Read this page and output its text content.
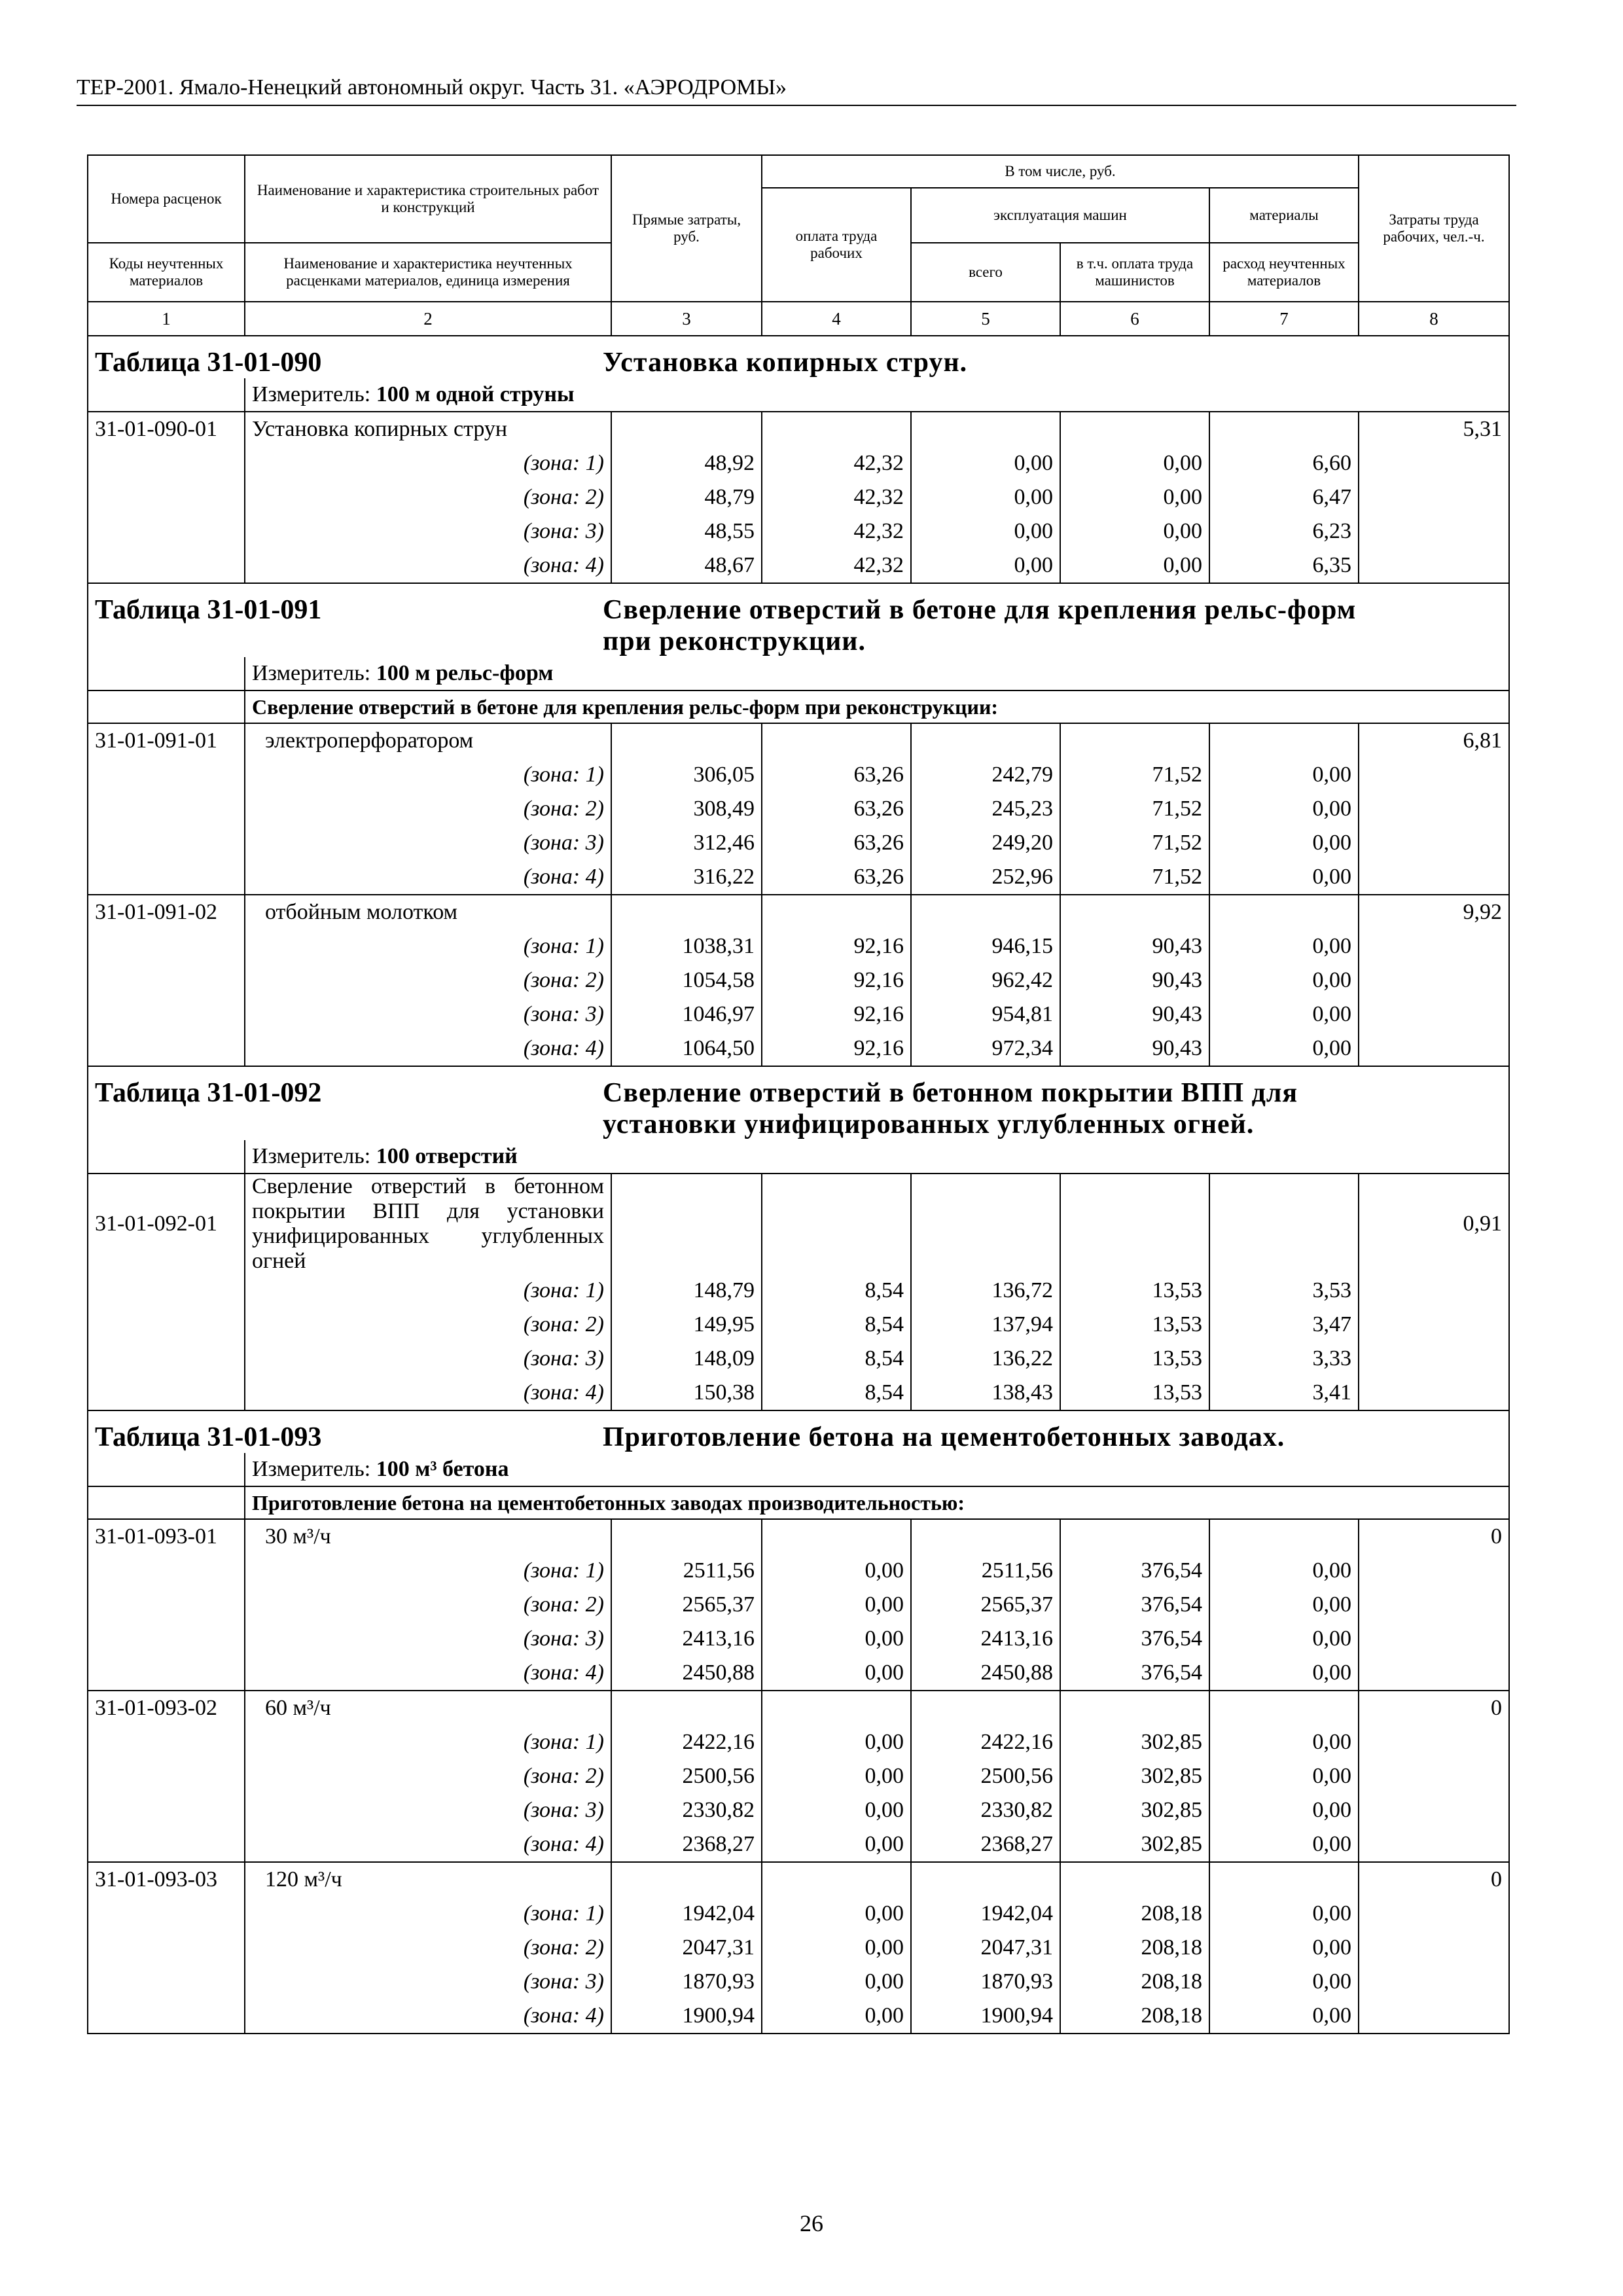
ТЕР-2001. Ямало-Ненецкий автономный округ. Часть 31. «АЭРОДРОМЫ»
Номера расценок	Наименование и характеристика строительных работ и конструкций	Прямые затраты, руб.	В том числе, руб.				Затраты труда рабочих, чел.-ч.
			оплата труда рабочих	эксплуатация машин		материалы	
Коды неучтенных материалов	Наименование и характеристика неучтенных расценками материалов, единица измерения			всего	в т.ч. оплата труда машинистов	расход неучтенных материалов	
1	2	3	4	5	6	7	8
Таблица 31-01-090 Установка копирных струн.							
	Измеритель: 100 м одной струны						
31-01-090-01	Установка копирных струн						5,31
	(зона: 1)	48,92	42,32	0,00	0,00	6,60	
	(зона: 2)	48,79	42,32	0,00	0,00	6,47	
	(зона: 3)	48,55	42,32	0,00	0,00	6,23	
	(зона: 4)	48,67	42,32	0,00	0,00	6,35	
Таблица 31-01-091 Сверление отверстий в бетоне для крепления рельс-форм при реконструкции.							
	Измеритель: 100 м рельс-форм						
	Сверление отверстий в бетоне для крепления рельс-форм при реконструкции:						
31-01-091-01	электроперфоратором						6,81
	(зона: 1)	306,05	63,26	242,79	71,52	0,00	
	(зона: 2)	308,49	63,26	245,23	71,52	0,00	
	(зона: 3)	312,46	63,26	249,20	71,52	0,00	
	(зона: 4)	316,22	63,26	252,96	71,52	0,00	
31-01-091-02	отбойным молотком						9,92
	(зона: 1)	1038,31	92,16	946,15	90,43	0,00	
	(зона: 2)	1054,58	92,16	962,42	90,43	0,00	
	(зона: 3)	1046,97	92,16	954,81	90,43	0,00	
	(зона: 4)	1064,50	92,16	972,34	90,43	0,00	
Таблица 31-01-092 Сверление отверстий в бетонном покрытии ВПП для установки унифицированных углубленных огней.							
	Измеритель: 100 отверстий						
31-01-092-01	Сверление отверстий в бетонном покрытии ВПП для установки унифицированных углубленных огней						0,91
	(зона: 1)	148,79	8,54	136,72	13,53	3,53	
	(зона: 2)	149,95	8,54	137,94	13,53	3,47	
	(зона: 3)	148,09	8,54	136,22	13,53	3,33	
	(зона: 4)	150,38	8,54	138,43	13,53	3,41	
Таблица 31-01-093 Приготовление бетона на цементобетонных заводах.							
	Измеритель: 100 м³ бетона						
	Приготовление бетона на цементобетонных заводах производительностью:						
31-01-093-01	30 м³/ч						0
	(зона: 1)	2511,56	0,00	2511,56	376,54	0,00	
	(зона: 2)	2565,37	0,00	2565,37	376,54	0,00	
	(зона: 3)	2413,16	0,00	2413,16	376,54	0,00	
	(зона: 4)	2450,88	0,00	2450,88	376,54	0,00	
31-01-093-02	60 м³/ч						0
	(зона: 1)	2422,16	0,00	2422,16	302,85	0,00	
	(зона: 2)	2500,56	0,00	2500,56	302,85	0,00	
	(зона: 3)	2330,82	0,00	2330,82	302,85	0,00	
	(зона: 4)	2368,27	0,00	2368,27	302,85	0,00	
31-01-093-03	120 м³/ч						0
	(зона: 1)	1942,04	0,00	1942,04	208,18	0,00	
	(зона: 2)	2047,31	0,00	2047,31	208,18	0,00	
	(зона: 3)	1870,93	0,00	1870,93	208,18	0,00	
	(зона: 4)	1900,94	0,00	1900,94	208,18	0,00	
26
